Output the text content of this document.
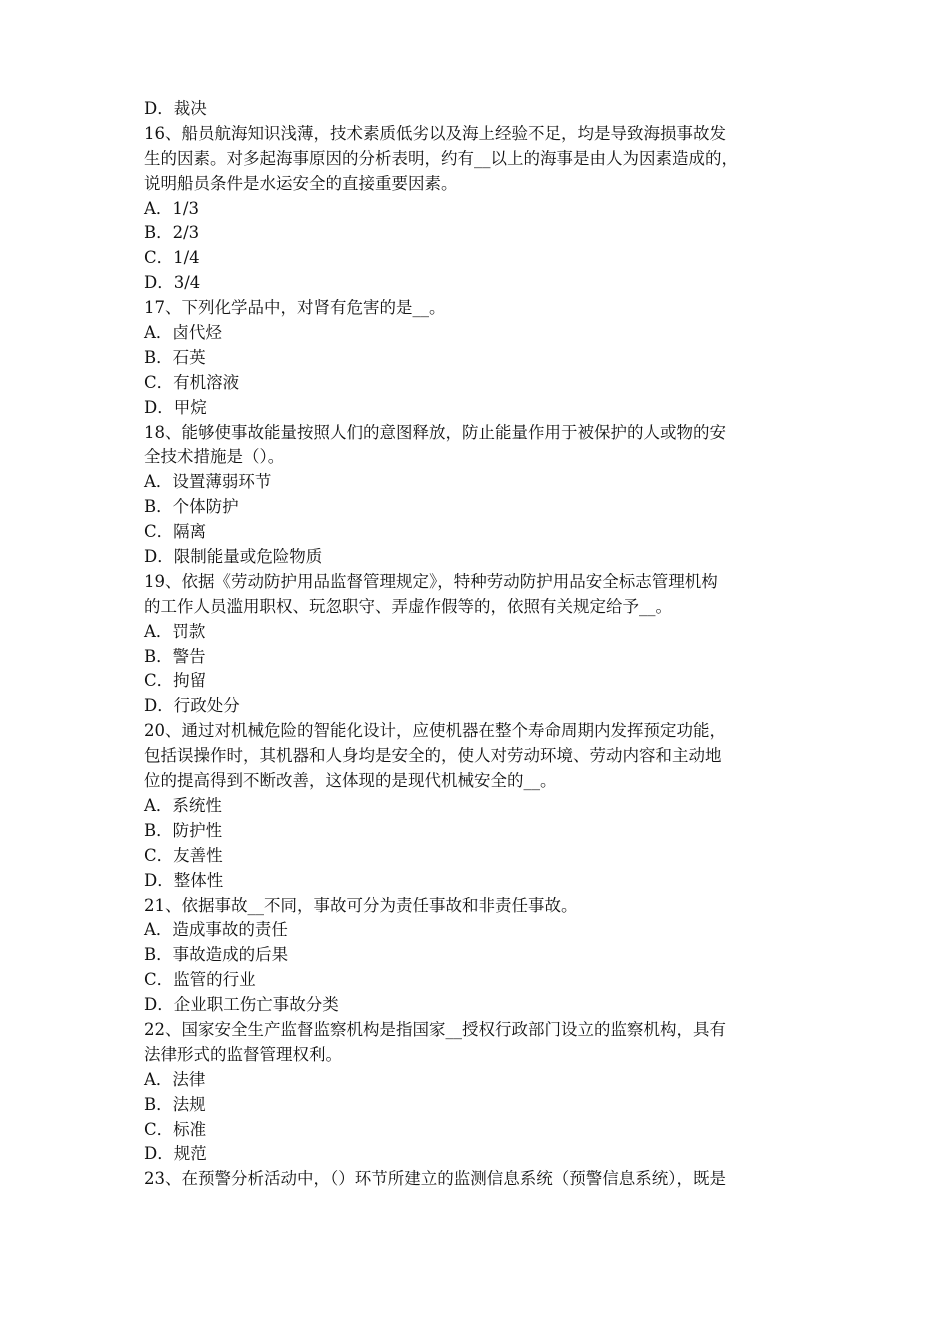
D．裁决
16、船员航海知识浅薄，技术素质低劣以及海上经验不足，均是导致海损事故发
生的因素。对多起海事原因的分析表明，约有__以上的海事是由人为因素造成的，
说明船员条件是水运安全的直接重要因素。
A．1/3
B．2/3
C．1/4
D．3/4
17、下列化学品中，对肾有危害的是__。
A．卤代烃
B．石英
C．有机溶液
D．甲烷
18、能够使事故能量按照人们的意图释放，防止能量作用于被保护的人或物的安
全技术措施是（）。
A．设置薄弱环节
B．个体防护
C．隔离
D．限制能量或危险物质
19、依据《劳动防护用品监督管理规定》，特种劳动防护用品安全标志管理机构
的工作人员滥用职权、玩忽职守、弄虚作假等的，依照有关规定给予__。
A．罚款
B．警告
C．拘留
D．行政处分
20、通过对机械危险的智能化设计，应使机器在整个寿命周期内发挥预定功能，
包括误操作时，其机器和人身均是安全的，使人对劳动环境、劳动内容和主动地
位的提高得到不断改善，这体现的是现代机械安全的__。
A．系统性
B．防护性
C．友善性
D．整体性
21、依据事故__不同，事故可分为责任事故和非责任事故。
A．造成事故的责任
B．事故造成的后果
C．监管的行业
D．企业职工伤亡事故分类
22、国家安全生产监督监察机构是指国家__授权行政部门设立的监察机构，具有
法律形式的监督管理权利。
A．法律
B．法规
C．标准
D．规范
23、在预警分析活动中，（）环节所建立的监测信息系统（预警信息系统），既是
